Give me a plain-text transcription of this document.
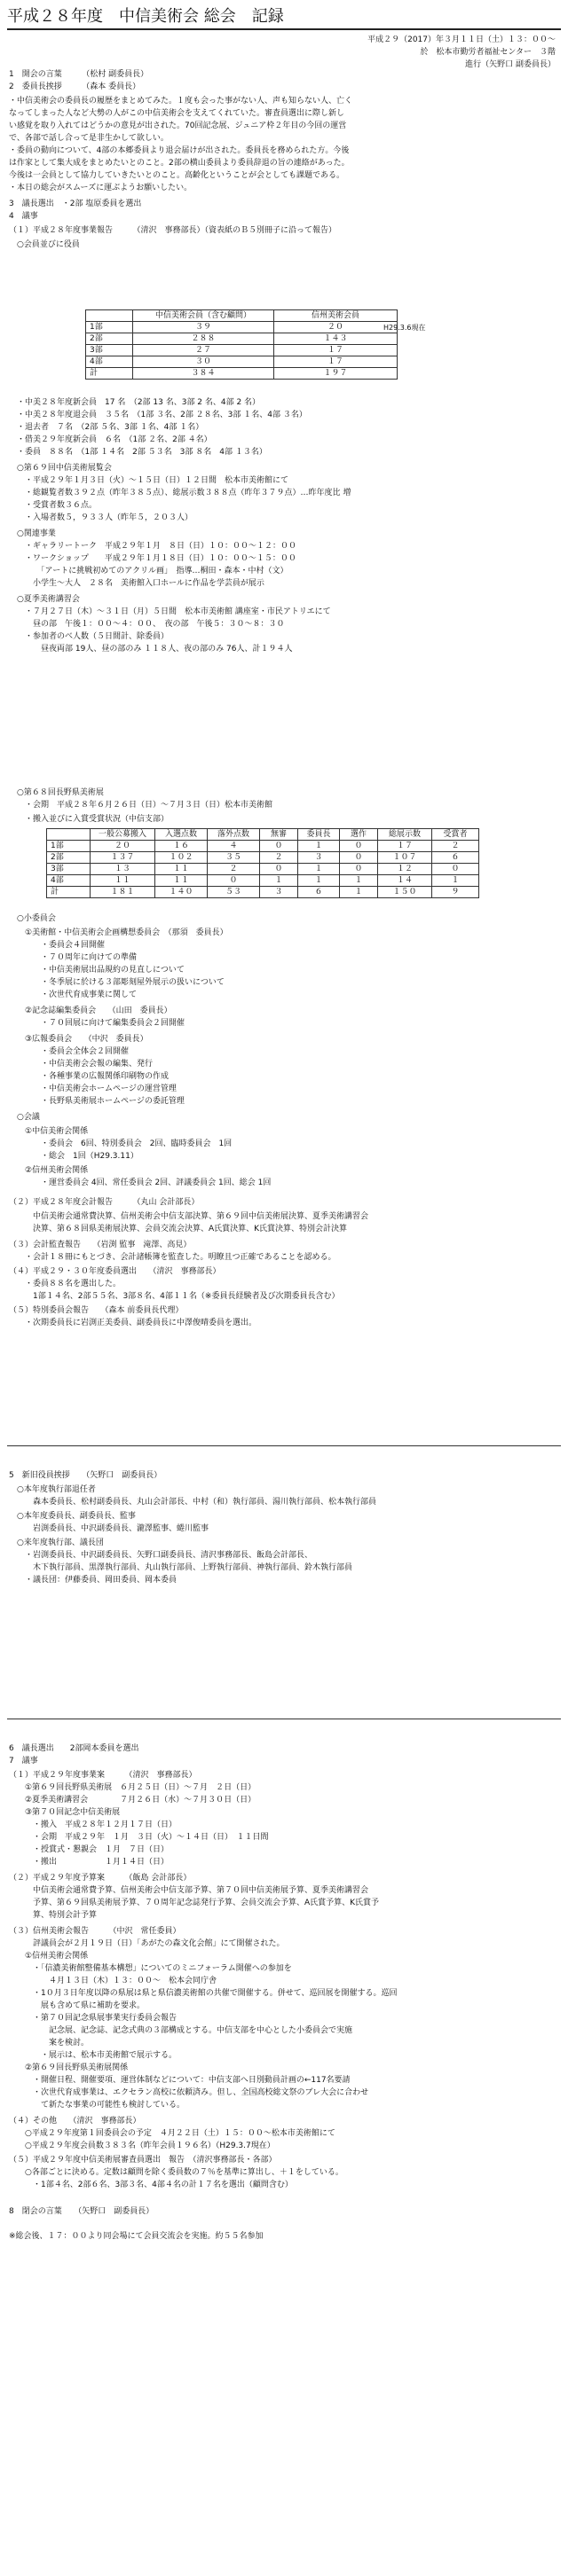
平成２８年度　中信美術会 総会　記録
平成２９（2017）年３月１１日（土）１３：００～
於　松本市勤労者福祉センター　３階
進行（矢野口 副委員長）
1　開会の言葉　　　（松村 副委員長）
2　委員長挨拶　　　（森本 委員長）
・中信美術会の委員長の履歴をまとめてみた。１度も会った事がない人、声も知らない人、亡く
なってしまった人など大勢の人がこの中信美術会を支えてくれていた。審査員選出に際し新し
い感覚を取り入れてはどうかの意見が出された。70回記念展、ジュニア枠２年目の今回の運営
で、各部で話し合って是非生かして欲しい。
・委員の動向について、4部の本郷委員より退会届けが出された。委員長を務められた方。今後
は作家として集大成をまとめたいとのこと。2部の横山委員より委員辞退の旨の連絡があった。
今後は一会員として協力していきたいとのこと。高齢化ということが会としても課題である。
・本日の総会がスムーズに運ぶようお願いしたい。
3　議長選出　・2部 塩原委員を選出
4　議事
（１）平成２８年度事業報告　　　（清沢　事務部長）（資表紙のＢ５別冊子に沿って報告）
　○会員並びに役員
　・中美２８年度新会員　17 名　（2部 13 名、3部 2 名、4部 2 名）
　・中美２８年度退会員　３５名　（1部 ３名、2部 ２８名、3部 １名、4部 ３名）
　・退去者　７名　（2部 ５名、3部 １名、4部 １名）
　・借美２９年度新会員　６名　（1部 ２名、2部 ４名）
　・委員　８８名　（1部 １４名　2部 ５３名　3部 ８名　4部 １３名）
　○第６９回中信美術展覧会
　　・平成２９年１月３日（火）～１５日（日）１２日間　松本市美術館にて
　　・総観覧者数３９２点（昨年３８５点）、総展示数３８８点（昨年３７９点）…昨年度比 増
　　・受賞者数３６点。
　　・入場者数５，９３３人（昨年５，２０３人）
　○関連事業
　　・ギャラリートーク　平成２９年１月　８日（日）１０：００～１２：００
　　・ワークショップ　　平成２９年１月１８日（日）１０：００～１５：００
　　　　「アートに挑戦初めてのアクリル画」　指導…桐田・森本・中村（文）
　　　小学生～大人　２８名　美術館入口ホールに作品を学芸員が展示
　○夏季美術講習会
　　・７月２７日（木）～３１日（月）５日間　松本市美術館 講座室・市民アトリエにて
　　　昼の部　午後１：００～４：００、　夜の部　午後５：３０～８：３０
　　・参加者のべ人数（５日間計、除委員）
　　　　昼夜両部 19人、昼の部のみ １１８人、夜の部のみ 76人、計１９４人
　○第６８回長野県美術展
　　・会期　平成２８年６月２６日（日）～７月３日（日）松本市美術館
　　・搬入並びに入賞受賞状況（中信支部）
　○小委員会
　　①美術館・中信美術会企画構想委員会　（那須　委員長）
　　　　・委員会４回開催
　　　　・７０周年に向けての準備
　　　　・中信美術展出品規約の見直しについて
　　　　・冬季展に於ける３部彫刻屋外展示の扱いについて
　　　　・次世代育成事業に関して
　　②記念誌編集委員会　　（山田　委員長）
　　　　・７０回展に向けて編集委員会２回開催
　　③広報委員会　　（中沢　委員長）
　　　　・委員会全体会２回開催
　　　　・中信美術会会報の編集、発行
　　　　・各種事業の広報関係印刷物の作成
　　　　・中信美術会ホームページの運営管理
　　　　・長野県美術展ホームページの委託管理
　○会議
　　①中信美術会関係
　　　　・委員会　6回、特別委員会　2回、臨時委員会　1回
　　　　・総会　1回（H29.3.11）
　　②信州美術会関係
　　　　・運営委員会 4回、常任委員会 2回、評議委員会 1回、総会 1回
（２）平成２８年度会計報告　　　（丸山 会計部長）
　　　中信美術会通常費決算、信州美術会中信支部決算、第６９回中信美術展決算、夏季美術講習会
　　　決算、第６８回県美術展決算、会員交流会決算、A氏賞決算、K氏賞決算、特別会計決算
（３）会計監査報告　　（岩渕 監事　滝澤、高見）
　　・会計１８冊にもとづき、会計諸帳簿を監査した。明瞭且つ正確であることを認める。
（４）平成２９・３０年度委員選出　　（清沢　事務部長）
　　・委員８８名を選出した。
　　　1部１４名、2部５５名、3部８名、4部１１名（※委員長経験者及び次期委員長含む）
（５）特別委員会報告　　（森本 前委員長代理）
　　・次期委員長に岩渕正美委員、副委員長に中澤俊晴委員を選出。
5　新旧役員挨拶　　（矢野口　副委員長）
　○本年度執行部退任者
　　　森本委員長、松村副委員長、丸山会計部長、中村（和）執行部員、湯川執行部員、松本執行部員
　○本年度委員長、副委員長、監事
　　　岩渕委員長、中沢副委員長、瀧澤監事、蜷川監事
　○来年度執行部、議長団
　　・岩渕委員長、中沢副委員長、矢野口副委員長、清沢事務部長、飯島会計部長、
　　　木下執行部員、黒澤執行部員、丸山執行部員、上野執行部員、神執行部員、鈴木執行部員
　　・議長団：伊藤委員、岡田委員、岡本委員
6　議長選出　　2部岡本委員を選出
7　議事
（１）平成２９年度事業案　　　（清沢　事務部長）
　　①第６９回長野県美術展　６月２５日（日）～７月　２日（日）
　　②夏季美術講習会　　　　７月２６日（水）～７月３０日（日）
　　③第７０回記念中信美術展
　　　・搬入　平成２８年１２月１７日（日）
　　　・会期　平成２９年　１月　３日（火）～１４日（日）　１１日間
　　　・授賞式・懇親会　１月　７日（日）
　　　・搬出　　　　　　１月１４日（日）
（２）平成２９年度予算案　　　（飯島 会計部長）
　　　中信美術会通常費予算、信州美術会中信支部予算、第７０回中信美術展予算、夏季美術講習会
　　　予算、第６９回県美術展予算、７０周年記念誌発行予算、会員交流会予算、A氏賞予算、K氏賞予
　　　算、特別会計予算
（３）信州美術会報告　　　（中沢　常任委員）
　　　評議員会が２月１９日（日）「あがたの森文化会館」にて開催された。
　　①信州美術会関係
　　　・「信濃美術館整備基本構想」についてのミニフォーラム開催への参加を
　　　　　４月１３日（木）１３：００～　松本会同庁舎
　　　・1０月３日年度以降の県展は県と県信濃美術館の共催で開催する。併せて、巡回展を開催する。巡回
　　　　展も含めて県に補助を要求。
　　　・第７０回記念県展事業実行委員会報告
　　　　　記念展、記念誌、記念式典の３部構成とする。中信支部を中心とした小委員会で実施
　　　　　案を検討。
　　　　・展示は、松本市美術館で展示する。
　　②第６９回長野県美術展関係
　　　・開催日程、開催要項、運営体制などについて：中信支部へ日別動員計画の←117名要請
　　　・次世代育成事業は、エクセラン高校に依頼済み。但し、全国高校総文祭のブレ大会に合わせ
　　　　て新たな事業の可能性も検討している。
（４）その他　　（清沢　事務部長）
　　○平成２９年度第１回委員会の予定　４月２２日（土）１５：００～松本市美術館にて
　　○平成２９年度会員数３８３名（昨年会員１９６名）（H29.3.7現在）
（５）平成２９年度中信美術展審査員選出　報告　（清沢事務部長・各部）
　　○各部ごとに決める。定数は顧問を除く委員数の７％を基準に算出し、＋１をしている。
　　　・1部４名、2部６名、3部３名、4部４名の計１７名を選出（顧問含む）
8　閉会の言葉　　（矢野口　副委員長）
※総会後、１７：００より同会場にて会員交流会を実施。約５５名参加
	中信美術会員（含む顧問）	信州美術会員
1部	３９	２０
2部	２８８	１４３
3部	２７	１７
4部	３０	１７
計	３８４	１９７
H29.3.6現在
	一般公募搬入	入選点数	落外点数	無審	委員長	選作	総展示数	受賞者
1部	２０	１６	４	０	１	０	１７	２
2部	１３７	１０２	３５	２	３	０	１０７	６
3部	１３	１１	２	０	１	０	１２	０
4部	１１	１１	０	１	１	１	１４	１
計	１８１	１４０	５３	３	６	１	１５０	９
